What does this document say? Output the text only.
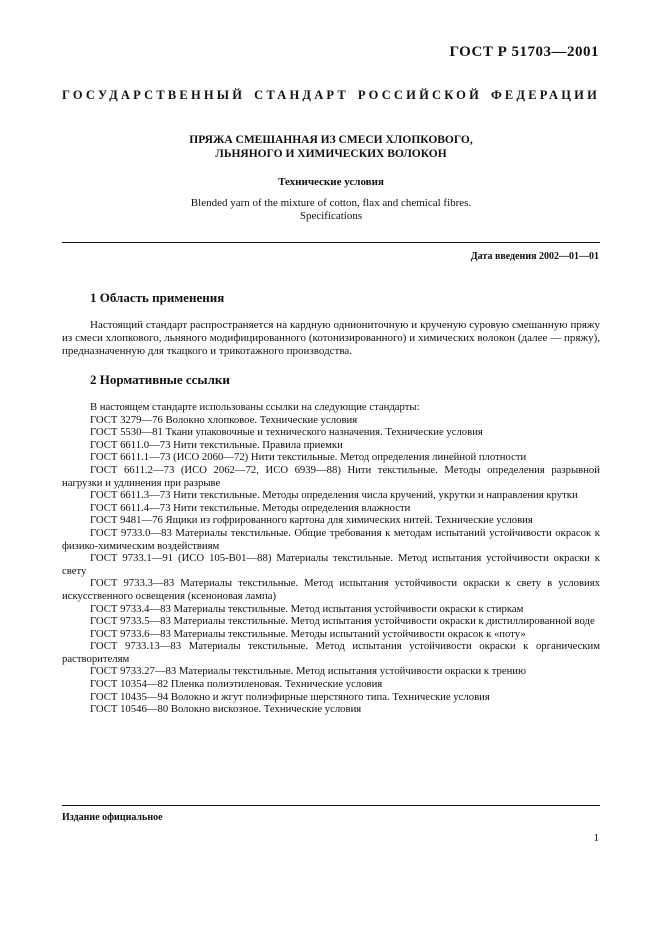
ГОСТ Р 51703—2001
ГОСУДАРСТВЕННЫЙ СТАНДАРТ РОССИЙСКОЙ ФЕДЕРАЦИИ
ПРЯЖА СМЕШАННАЯ ИЗ СМЕСИ ХЛОПКОВОГО,
ЛЬНЯНОГО И ХИМИЧЕСКИХ ВОЛОКОН
Технические условия
Blended yarn of the mixture of cotton, flax and chemical fibres.
Specifications
Дата введения 2002—01—01
1 Область применения

Настоящий стандарт распространяется на кардную одниониточную и крученую суровую смешанную пряжу из смеси хлопкового, льняного модифицированного (котонизированного) и химических волокон (далее — пряжу), предназначенную для ткацкого и трикотажного производства.

2 Нормативные ссылки
В настоящем стандарте использованы ссылки на следующие стандарты:
ГОСТ 3279—76 Волокно хлопковое. Технические условия
ГОСТ 5530—81 Ткани упаковочные и технического назначения. Технические условия
ГОСТ 6611.0—73 Нити текстильные. Правила приемки
ГОСТ 6611.1—73 (ИСО 2060—72) Нити текстильные. Метод определения линейной плотности
ГОСТ 6611.2—73 (ИСО 2062—72, ИСО 6939—88) Нити текстильные. Методы определения разрывной нагрузки и удлинения при разрыве
ГОСТ 6611.3—73 Нити текстильные. Методы определения числа кручений, укрутки и направления крутки
ГОСТ 6611.4—73 Нити текстильные. Методы определения влажности
ГОСТ 9481—76 Ящики из гофрированного картона для химических нитей. Технические условия
ГОСТ 9733.0—83 Материалы текстильные. Общие требования к методам испытаний устойчивости окрасок к физико-химическим воздействиям
ГОСТ 9733.1—91 (ИСО 105-B01—88) Материалы текстильные. Метод испытания устойчивости окраски к свету
ГОСТ 9733.3—83 Материалы текстильные. Метод испытания устойчивости окраски к свету в условиях искусственного освещения (ксеноновая лампа)
ГОСТ 9733.4—83 Материалы текстильные. Метод испытания устойчивости окраски к стиркам
ГОСТ 9733.5—83 Материалы текстильные. Метод испытания устойчивости окраски к дистиллированной воде
ГОСТ 9733.6—83 Материалы текстильные. Методы испытаний устойчивости окрасок к «поту»
ГОСТ 9733.13—83 Материалы текстильные. Метод испытания устойчивости окраски к органическим растворителям
ГОСТ 9733.27—83 Материалы текстильные. Метод испытания устойчивости окраски к трению
ГОСТ 10354—82 Пленка полиэтиленовая. Технические условия
ГОСТ 10435—94 Волокно и жгут полиэфирные шерстяного типа. Технические условия
ГОСТ 10546—80 Волокно вискозное. Технические условия
Издание официальное
1
